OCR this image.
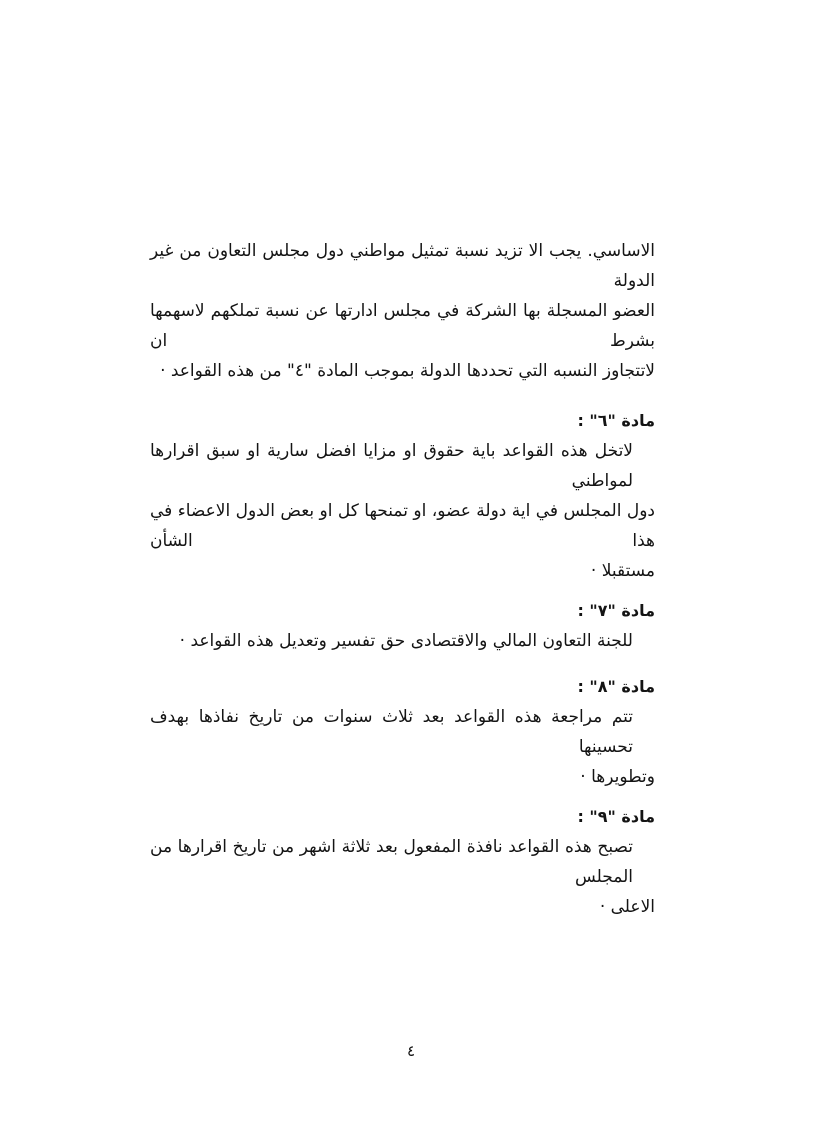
الاساسي. يجب الا تزيد نسبة تمثيل مواطني دول مجلس التعاون من غير الدولة
العضو المسجلة بها الشركة في مجلس ادارتها عن نسبة تملكهم لاسهمها بشرط ان
لاتتجاوز النسبه التي تحددها الدولة بموجب المادة "٤" من هذه القواعد ·
مادة "٦" :
لاتخل هذه القواعد باية حقوق او مزايا افضل سارية او سبق اقرارها لمواطني
دول المجلس في اية دولة عضو، او تمنحها كل او بعض الدول الاعضاء في هذا الشأن
مستقبلا ·
مادة "٧" :
للجنة التعاون المالي والاقتصادى حق تفسير وتعديل هذه القواعد ·
مادة "٨" :
تتم مراجعة هذه القواعد بعد ثلاث سنوات من تاريخ نفاذها بهدف تحسينها
وتطويرها ·
مادة "٩" :
تصبح هذه القواعد نافذة المفعول بعد ثلاثة اشهر من تاريخ اقرارها من المجلس
الاعلى ·
٤
